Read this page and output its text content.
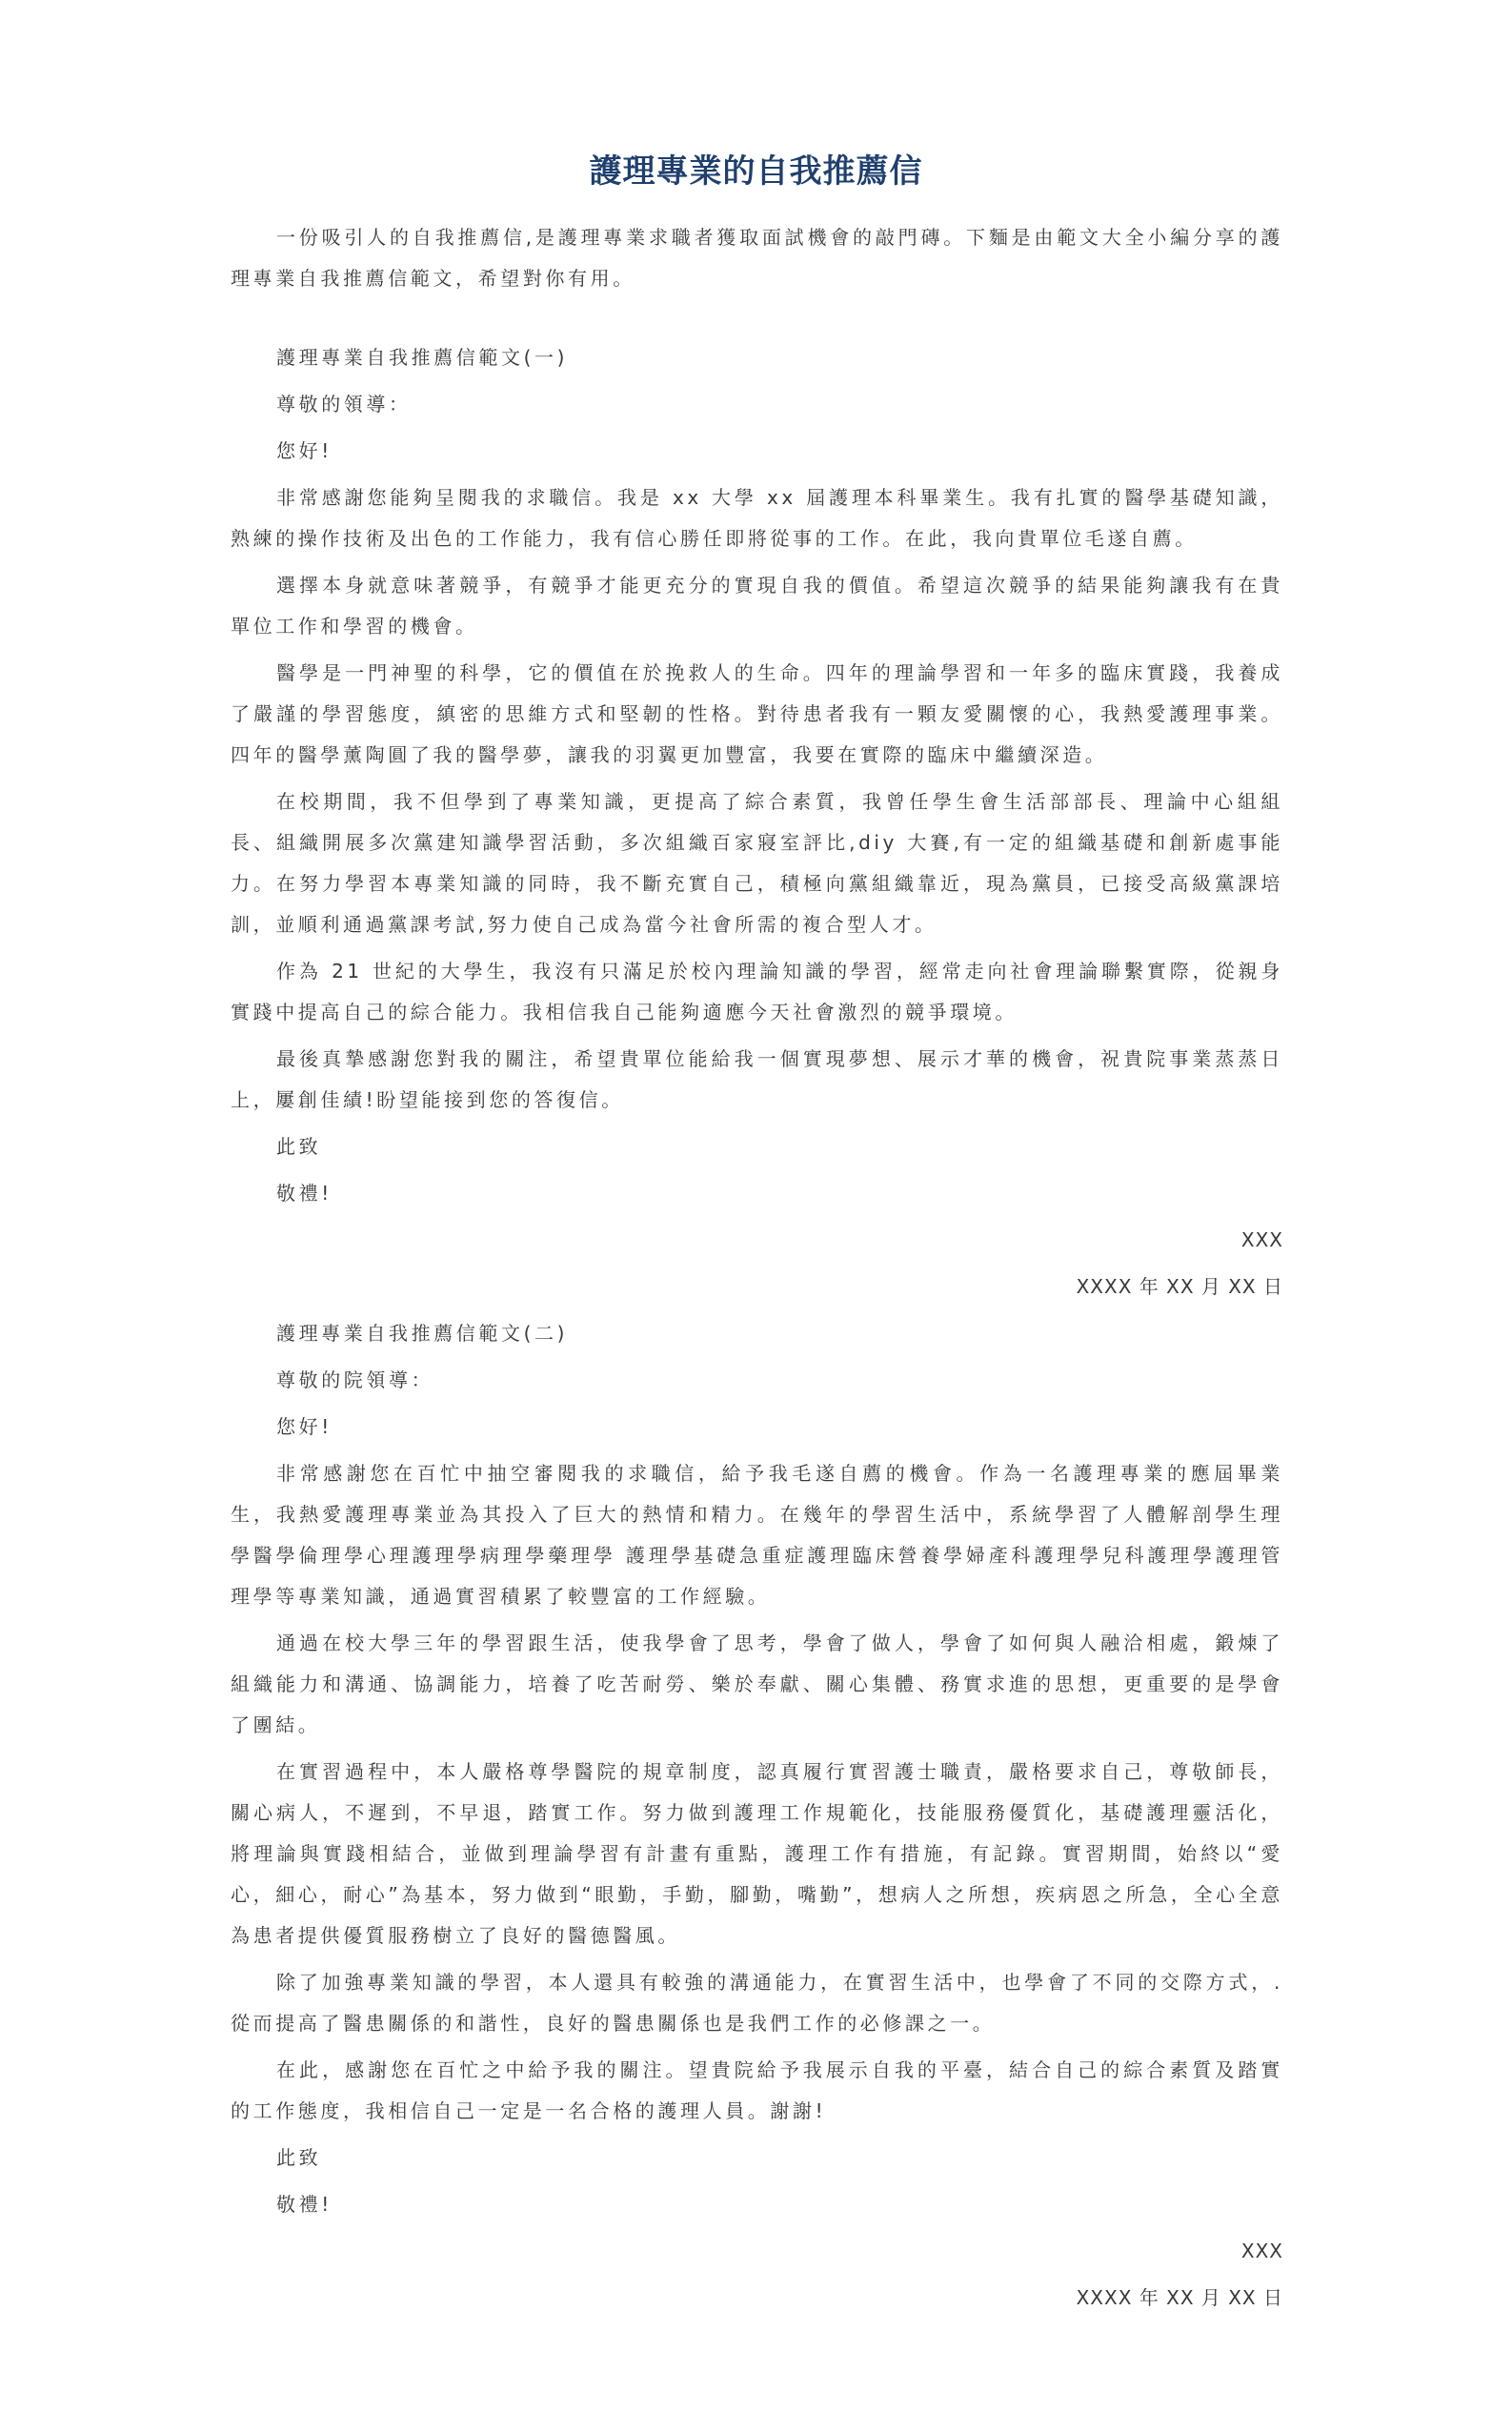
護理專業的自我推薦信

一份吸引人的自我推薦信,是護理專業求職者獲取面試機會的敲門磚。下麵是由範文大全小編分享的護理專業自我推薦信範文，希望對你有用。

護理專業自我推薦信範文(一)

尊敬的領導：

您好!

非常感謝您能夠呈閱我的求職信。我是 xx 大學 xx 屆護理本科畢業生。我有扎實的醫學基礎知識，熟練的操作技術及出色的工作能力，我有信心勝任即將從事的工作。在此，我向貴單位毛遂自薦。

選擇本身就意味著競爭，有競爭才能更充分的實現自我的價值。希望這次競爭的結果能夠讓我有在貴單位工作和學習的機會。

醫學是一門神聖的科學，它的價值在於挽救人的生命。四年的理論學習和一年多的臨床實踐，我養成了嚴謹的學習態度，縝密的思維方式和堅韌的性格。對待患者我有一顆友愛關懷的心，我熱愛護理事業。四年的醫學薰陶圓了我的醫學夢，讓我的羽翼更加豐富，我要在實際的臨床中繼續深造。

在校期間，我不但學到了專業知識，更提高了綜合素質，我曾任學生會生活部部長、理論中心組組長、組織開展多次黨建知識學習活動，多次組織百家寢室評比,diy 大賽,有一定的組織基礎和創新處事能力。在努力學習本專業知識的同時，我不斷充實自己，積極向黨組織靠近，現為黨員，已接受高級黨課培訓，並順利通過黨課考試,努力使自己成為當今社會所需的複合型人才。

作為 21 世紀的大學生，我沒有只滿足於校內理論知識的學習，經常走向社會理論聯繫實際，從親身實踐中提高自己的綜合能力。我相信我自己能夠適應今天社會激烈的競爭環境。

最後真摯感謝您對我的關注，希望貴單位能給我一個實現夢想、展示才華的機會，祝貴院事業蒸蒸日上，屢創佳績!盼望能接到您的答復信。

此致

敬禮!

XXX

XXXX 年 XX 月 XX 日

護理專業自我推薦信範文(二)

尊敬的院領導：

您好!

非常感謝您在百忙中抽空審閱我的求職信，給予我毛遂自薦的機會。作為一名護理專業的應屆畢業生，我熱愛護理專業並為其投入了巨大的熱情和精力。在幾年的學習生活中，系統學習了人體解剖學生理學醫學倫理學心理護理學病理學藥理學 護理學基礎急重症護理臨床營養學婦產科護理學兒科護理學護理管理學等專業知識，通過實習積累了較豐富的工作經驗。

通過在校大學三年的學習跟生活，使我學會了思考，學會了做人，學會了如何與人融洽相處，鍛煉了組織能力和溝通、協調能力，培養了吃苦耐勞、樂於奉獻、關心集體、務實求進的思想，更重要的是學會了團結。

在實習過程中，本人嚴格尊學醫院的規章制度，認真履行實習護士職責，嚴格要求自己，尊敬師長，關心病人，不遲到，不早退，踏實工作。努力做到護理工作規範化，技能服務優質化，基礎護理靈活化，將理論與實踐相結合，並做到理論學習有計畫有重點，護理工作有措施，有記錄。實習期間，始終以“愛心，細心，耐心”為基本，努力做到“眼勤，手勤，腳勤，嘴勤”，想病人之所想，疾病恩之所急，全心全意為患者提供優質服務樹立了良好的醫德醫風。

除了加強專業知識的學習，本人還具有較強的溝通能力，在實習生活中，也學會了不同的交際方式，.從而提高了醫患關係的和諧性，良好的醫患關係也是我們工作的必修課之一。

在此，感謝您在百忙之中給予我的關注。望貴院給予我展示自我的平臺，結合自己的綜合素質及踏實的工作態度，我相信自己一定是一名合格的護理人員。謝謝!

此致

敬禮!

XXX

XXXX 年 XX 月 XX 日
